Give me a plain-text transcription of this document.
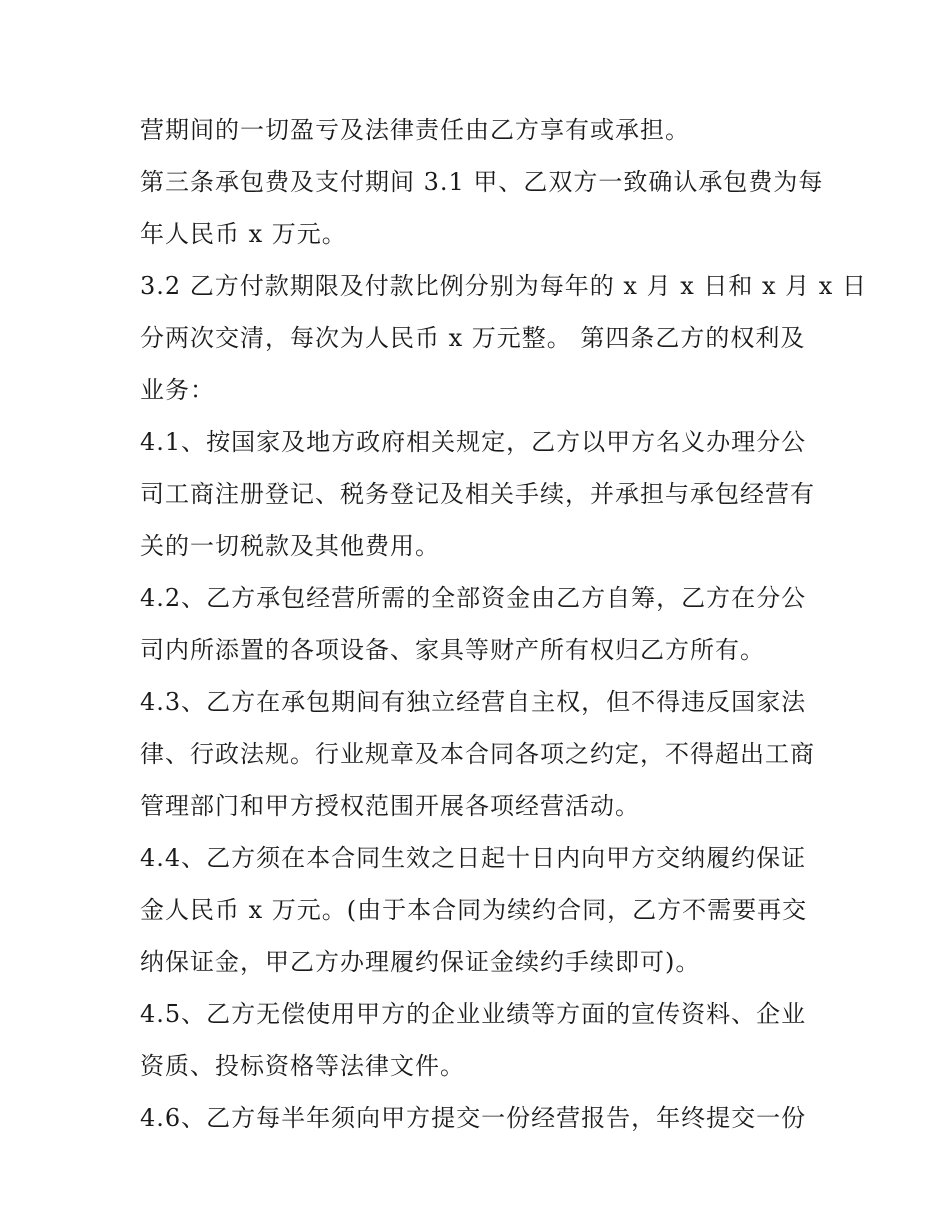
营期间的一切盈亏及法律责任由乙方享有或承担。

第三条承包费及支付期间 3.1 甲、乙双方一致确认承包费为每
年人民币 x 万元。

3.2 乙方付款期限及付款比例分别为每年的 x 月 x 日和 x 月 x 日
分两次交清，每次为人民币 x 万元整。 第四条乙方的权利及
业务：

4.1、按国家及地方政府相关规定，乙方以甲方名义办理分公
司工商注册登记、税务登记及相关手续，并承担与承包经营有
关的一切税款及其他费用。

4.2、乙方承包经营所需的全部资金由乙方自筹，乙方在分公
司内所添置的各项设备、家具等财产所有权归乙方所有。

4.3、乙方在承包期间有独立经营自主权，但不得违反国家法
律、行政法规。行业规章及本合同各项之约定，不得超出工商
管理部门和甲方授权范围开展各项经营活动。

4.4、乙方须在本合同生效之日起十日内向甲方交纳履约保证
金人民币 x 万元。(由于本合同为续约合同，乙方不需要再交
纳保证金，甲乙方办理履约保证金续约手续即可)。

4.5、乙方无偿使用甲方的企业业绩等方面的宣传资料、企业
资质、投标资格等法律文件。

4.6、乙方每半年须向甲方提交一份经营报告，年终提交一份
